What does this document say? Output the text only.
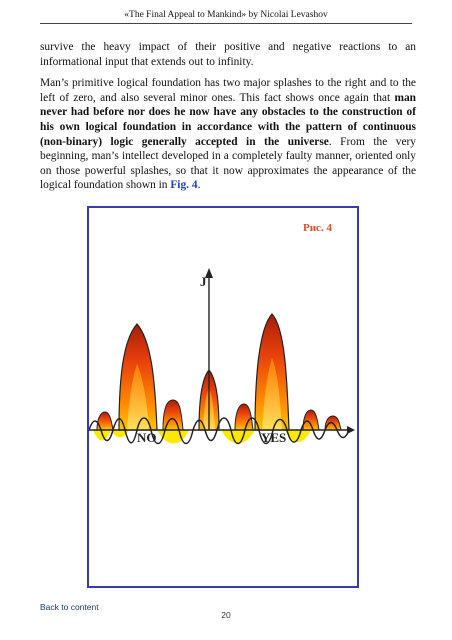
«The Final Appeal to Mankind» by Nicolai Levashov

survive the heavy impact of their positive and negative reactions to an informational input that extends out to infinity.

Man’s primitive logical foundation has two major splashes to the right and to the left of zero, and also several minor ones. This fact shows once again that man never had before nor does he now have any obstacles to the construction of his own logical foundation in accordance with the pattern of continuous (non-binary) logic generally accepted in the universe. From the very beginning, man’s intellect developed in a completely faulty manner, oriented only on those powerful splashes, so that it now approximates the appearance of the logical foundation shown in Fig. 4.

Рис. 4
J
NO	YES
Back to content
20
